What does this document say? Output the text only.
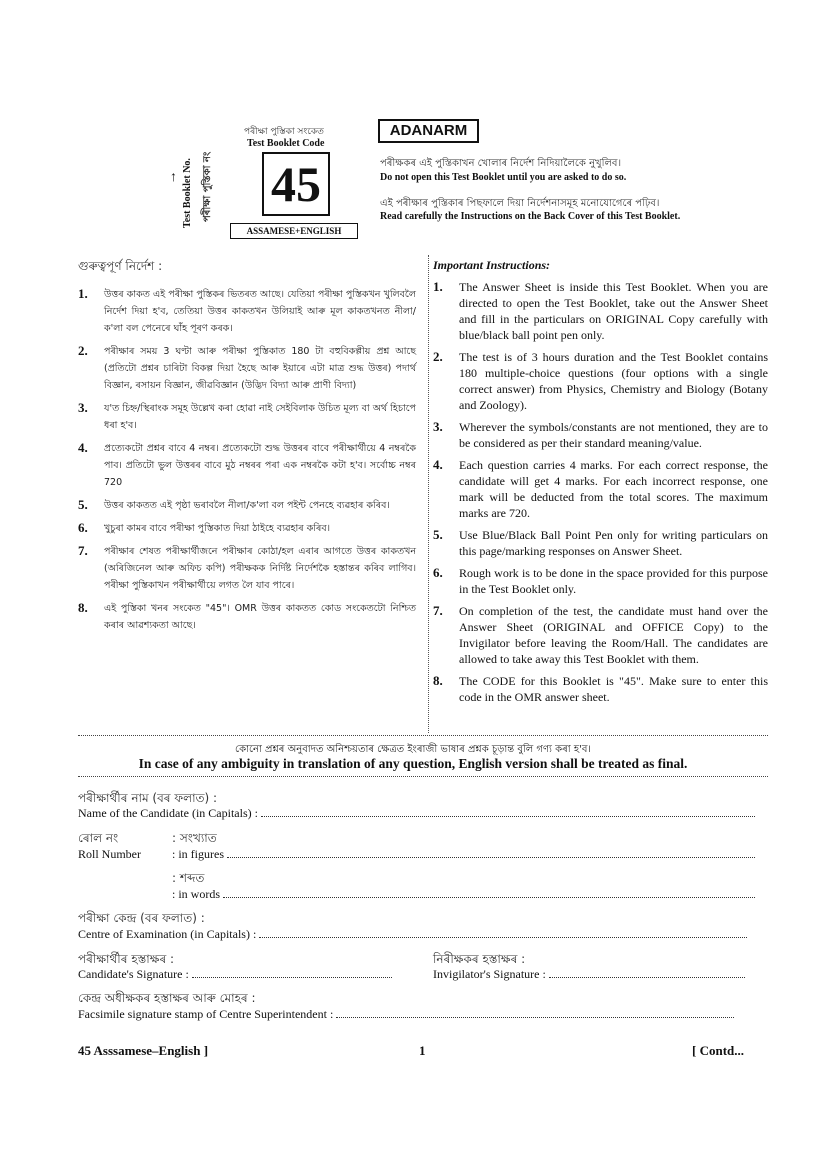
পৰীক্ষা পুস্তিকা সংকেত
Test Booklet Code
Test Booklet No. পৰীক্ষা পুস্তিকা নং
↑ 45
ASSAMESE+ENGLISH
ADANARM
পৰীক্ষকৰ এই পুস্তিকাখন খোলাৰ নির্দেশ নিদিয়ালৈকে নুখুলিব।
Do not open this Test Booklet until you are asked to do so.
এই পৰীক্ষাৰ পুস্তিকাৰ পিছফালে দিয়া নির্দেশনাসমূহ মনোযোগেৰে পঢ়িব।
Read carefully the Instructions on the Back Cover of this Test Booklet.
গুৰুত্বপূর্ণ নির্দেশ :
1.	উত্তৰ কাকত এই পৰীক্ষা পুস্তিকৰ ভিতৰত আছে। যেতিয়া পৰীক্ষা পুস্তিকখন খুলিবলৈ নির্দেশ দিয়া হ'ব, তেতিয়া উত্তৰ কাকতখন উলিয়াই আৰু মূল কাকতখনত নীলা/ক'লা বল পেনেৰে ঘাঁহ পূৰণ কৰক।
2.	পৰীক্ষাৰ সময় 3 ঘণ্টা আৰু পৰীক্ষা পুস্তিকাত 180 টা বহুবিকল্পীয় প্রশ্ন আছে (প্রতিটো প্রশ্নৰ চাৰিটা বিকল্প দিয়া হৈছে আৰু ইয়াৰে এটা মাত্র শুদ্ধ উত্তৰ) পদাৰ্থ বিজ্ঞান, ৰসায়ন বিজ্ঞান, জীৱবিজ্ঞান (উদ্ভিদ বিদ্যা আৰু প্রাণী বিদ্যা)
3.	য'ত চিহ্ন/স্থিৰাংক সমূহ উল্লেখ কৰা হোৱা নাই সেইবিলাক উচিত মূল্য বা অৰ্থ হিচাপে ধৰা হ'ব।
4.	প্রত্যেকটো প্রশ্নৰ বাবে 4 নম্বৰ। প্রত্যেকটো শুদ্ধ উত্তৰৰ বাবে পৰীক্ষাৰ্থীয়ে 4 নম্বৰকৈ পাব। প্রতিটো ভুল উত্তৰৰ বাবে মুঠ নম্বৰৰ পৰা এক নম্বৰকৈ কটা হ'ব। সৰ্বোচ্চ নম্বৰ 720
5.	উত্তৰ কাকতত এই পৃষ্ঠা ভৰাবলৈ নীলা/ক'লা বল পইন্ট পেনহে ব্যৱহাৰ কৰিব।
6.	খুচুৰা কামৰ বাবে পৰীক্ষা পুস্তিকাত দিয়া ঠাইহে ব্যৱহাৰ কৰিব।
7.	পৰীক্ষাৰ শেষত পৰীক্ষাৰ্থীজনে পৰীক্ষাৰ কোঠা/হল এৰাৰ আগতে উত্তৰ কাকতখন (অৰিজিনেল আৰু অফিচ কপি) পৰীক্ষকক নির্দিষ্ট নির্দেশকৈ হস্তান্তৰ কৰিব লাগিব। পৰীক্ষা পুস্তিকাখন পৰীক্ষাৰ্থীয়ে লগত লৈ যাব পাৰে।
8.	এই পুস্তিকা খনৰ সংকেত "45"। OMR উত্তৰ কাকতত কোড সংকেতটো নিশ্চিত কৰাৰ আৱশ্যকতা আছে।
Important Instructions:
1.	The Answer Sheet is inside this Test Booklet. When you are directed to open the Test Booklet, take out the Answer Sheet and fill in the particulars on ORIGINAL Copy carefully with blue/black ball point pen only.
2.	The test is of 3 hours duration and the Test Booklet contains 180 multiple-choice questions (four options with a single correct answer) from Physics, Chemistry and Biology (Botany and Zoology).
3.	Wherever the symbols/constants are not mentioned, they are to be considered as per their standard meaning/value.
4.	Each question carries 4 marks. For each correct response, the candidate will get 4 marks. For each incorrect response, one mark will be deducted from the total scores. The maximum marks are 720.
5.	Use Blue/Black Ball Point Pen only for writing particulars on this page/marking responses on Answer Sheet.
6.	Rough work is to be done in the space provided for this purpose in the Test Booklet only.
7.	On completion of the test, the candidate must hand over the Answer Sheet (ORIGINAL and OFFICE Copy) to the Invigilator before leaving the Room/Hall. The candidates are allowed to take away this Test Booklet with them.
8.	The CODE for this Booklet is "45". Make sure to enter this code in the OMR answer sheet.
কোনো প্রশ্নৰ অনুবাদত অনিশ্চয়তাৰ ক্ষেত্ৰত ইংৰাজী ভাষাৰ প্রশ্নক চূড়ান্ত বুলি গণ্য কৰা হ'ব।
In case of any ambiguity in translation of any question, English version shall be treated as final.
পৰীক্ষাৰ্থীৰ নাম (বৰ ফলাত) :
Name of the Candidate (in Capitals) :
ৰোল নং	: সংখ্যাত
Roll Number	: in figures
: শব্দত
: in words
পৰীক্ষা কেন্দ্ৰ (বৰ ফলাত) :
Centre of Examination (in Capitals) :
পৰীক্ষাৰ্থীৰ হস্তাক্ষৰ :	নিৰীক্ষকৰ হস্তাক্ষৰ :
Candidate's Signature :	Invigilator's Signature :
কেন্দ্ৰ অধীক্ষকৰ হস্তাক্ষৰ আৰু মোহৰ :
Facsimile signature stamp of Centre Superintendent :
45 Asssamese–English ]	1	[ Contd...
